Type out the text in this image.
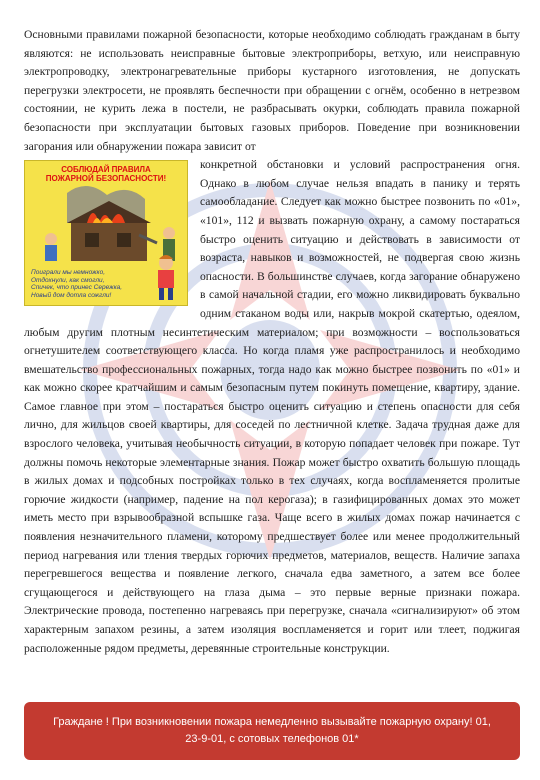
Основными правилами пожарной безопасности, которые необходимо соблюдать гражданам в быту являются: не использовать неисправные бытовые электроприборы, ветхую, или неисправную электропроводку, электронагревательные приборы кустарного изготовления, не допускать перегрузки электросети, не проявлять беспечности при обращении с огнём, особенно в нетрезвом состоянии, не курить лежа в постели, не разбрасывать окурки, соблюдать правила пожарной безопасности при эксплуатации бытовых газовых приборов. Поведение при возникновении загорания или обнаружении пожара зависит от

СОБЛЮДАЙ ПРАВИЛА
ПОЖАРНОЙ БЕЗОПАСНОСТИ!
Поиграли мы немножко,
Отдохнули, как смогли,
Спичек, что принес Сережка,
Новый дом дотла сожгли!

конкретной обстановки и условий распространения огня. Однако в любом случае нельзя впадать в панику и терять самообладание. Следует как можно быстрее позвонить по «01», «101», 112 и вызвать пожарную охрану, а самому постараться быстро оценить ситуацию и действовать в зависимости от возраста, навыков и возможностей, не подвергая свою жизнь опасности. В большинстве случаев, когда загорание обнаружено в самой начальной стадии, его можно ликвидировать буквально одним стаканом воды или, накрыв мокрой скатертью, одеялом, любым другим плотным несинтетическим материалом; при возможности – воспользоваться огнетушителем соответствующего класса. Но когда пламя уже распространилось и необходимо вмешательство профессиональных пожарных, тогда надо как можно быстрее позвонить по «01» и как можно скорее кратчайшим и самым безопасным путем покинуть помещение, квартиру, здание. Самое главное при этом – постараться быстро оценить ситуацию и степень опасности для себя лично, для жильцов своей квартиры, для соседей по лестничной клетке. Задача трудная даже для взрослого человека, учитывая необычность ситуации, в которую попадает человек при пожаре. Тут должны помочь некоторые элементарные знания. Пожар может быстро охватить большую площадь в жилых домах и подсобных постройках только в тех случаях, когда воспламеняется пролитые горючие жидкости (например, падение на пол керогаза); в газифицированных домах это может иметь место при взрывообразной вспышке газа. Чаще всего в жилых домах пожар начинается с появления незначительного пламени, которому предшествует более или менее продолжительный период нагревания или тления твердых горючих предметов, материалов, веществ. Наличие запаха перегревшегося вещества и появление легкого, сначала едва заметного, а затем все более сгущающегося и действующего на глаза дыма – это первые верные признаки пожара. Электрические провода, постепенно нагреваясь при перегрузке, сначала «сигнализируют» об этом характерным запахом резины, а затем изоляция воспламеняется и горит или тлеет, поджигая расположенные рядом предметы, деревянные строительные конструкции.

Граждане ! При возникновении пожара немедленно вызывайте пожарную охрану! 01, 23-9-01, с сотовых телефонов 01*
